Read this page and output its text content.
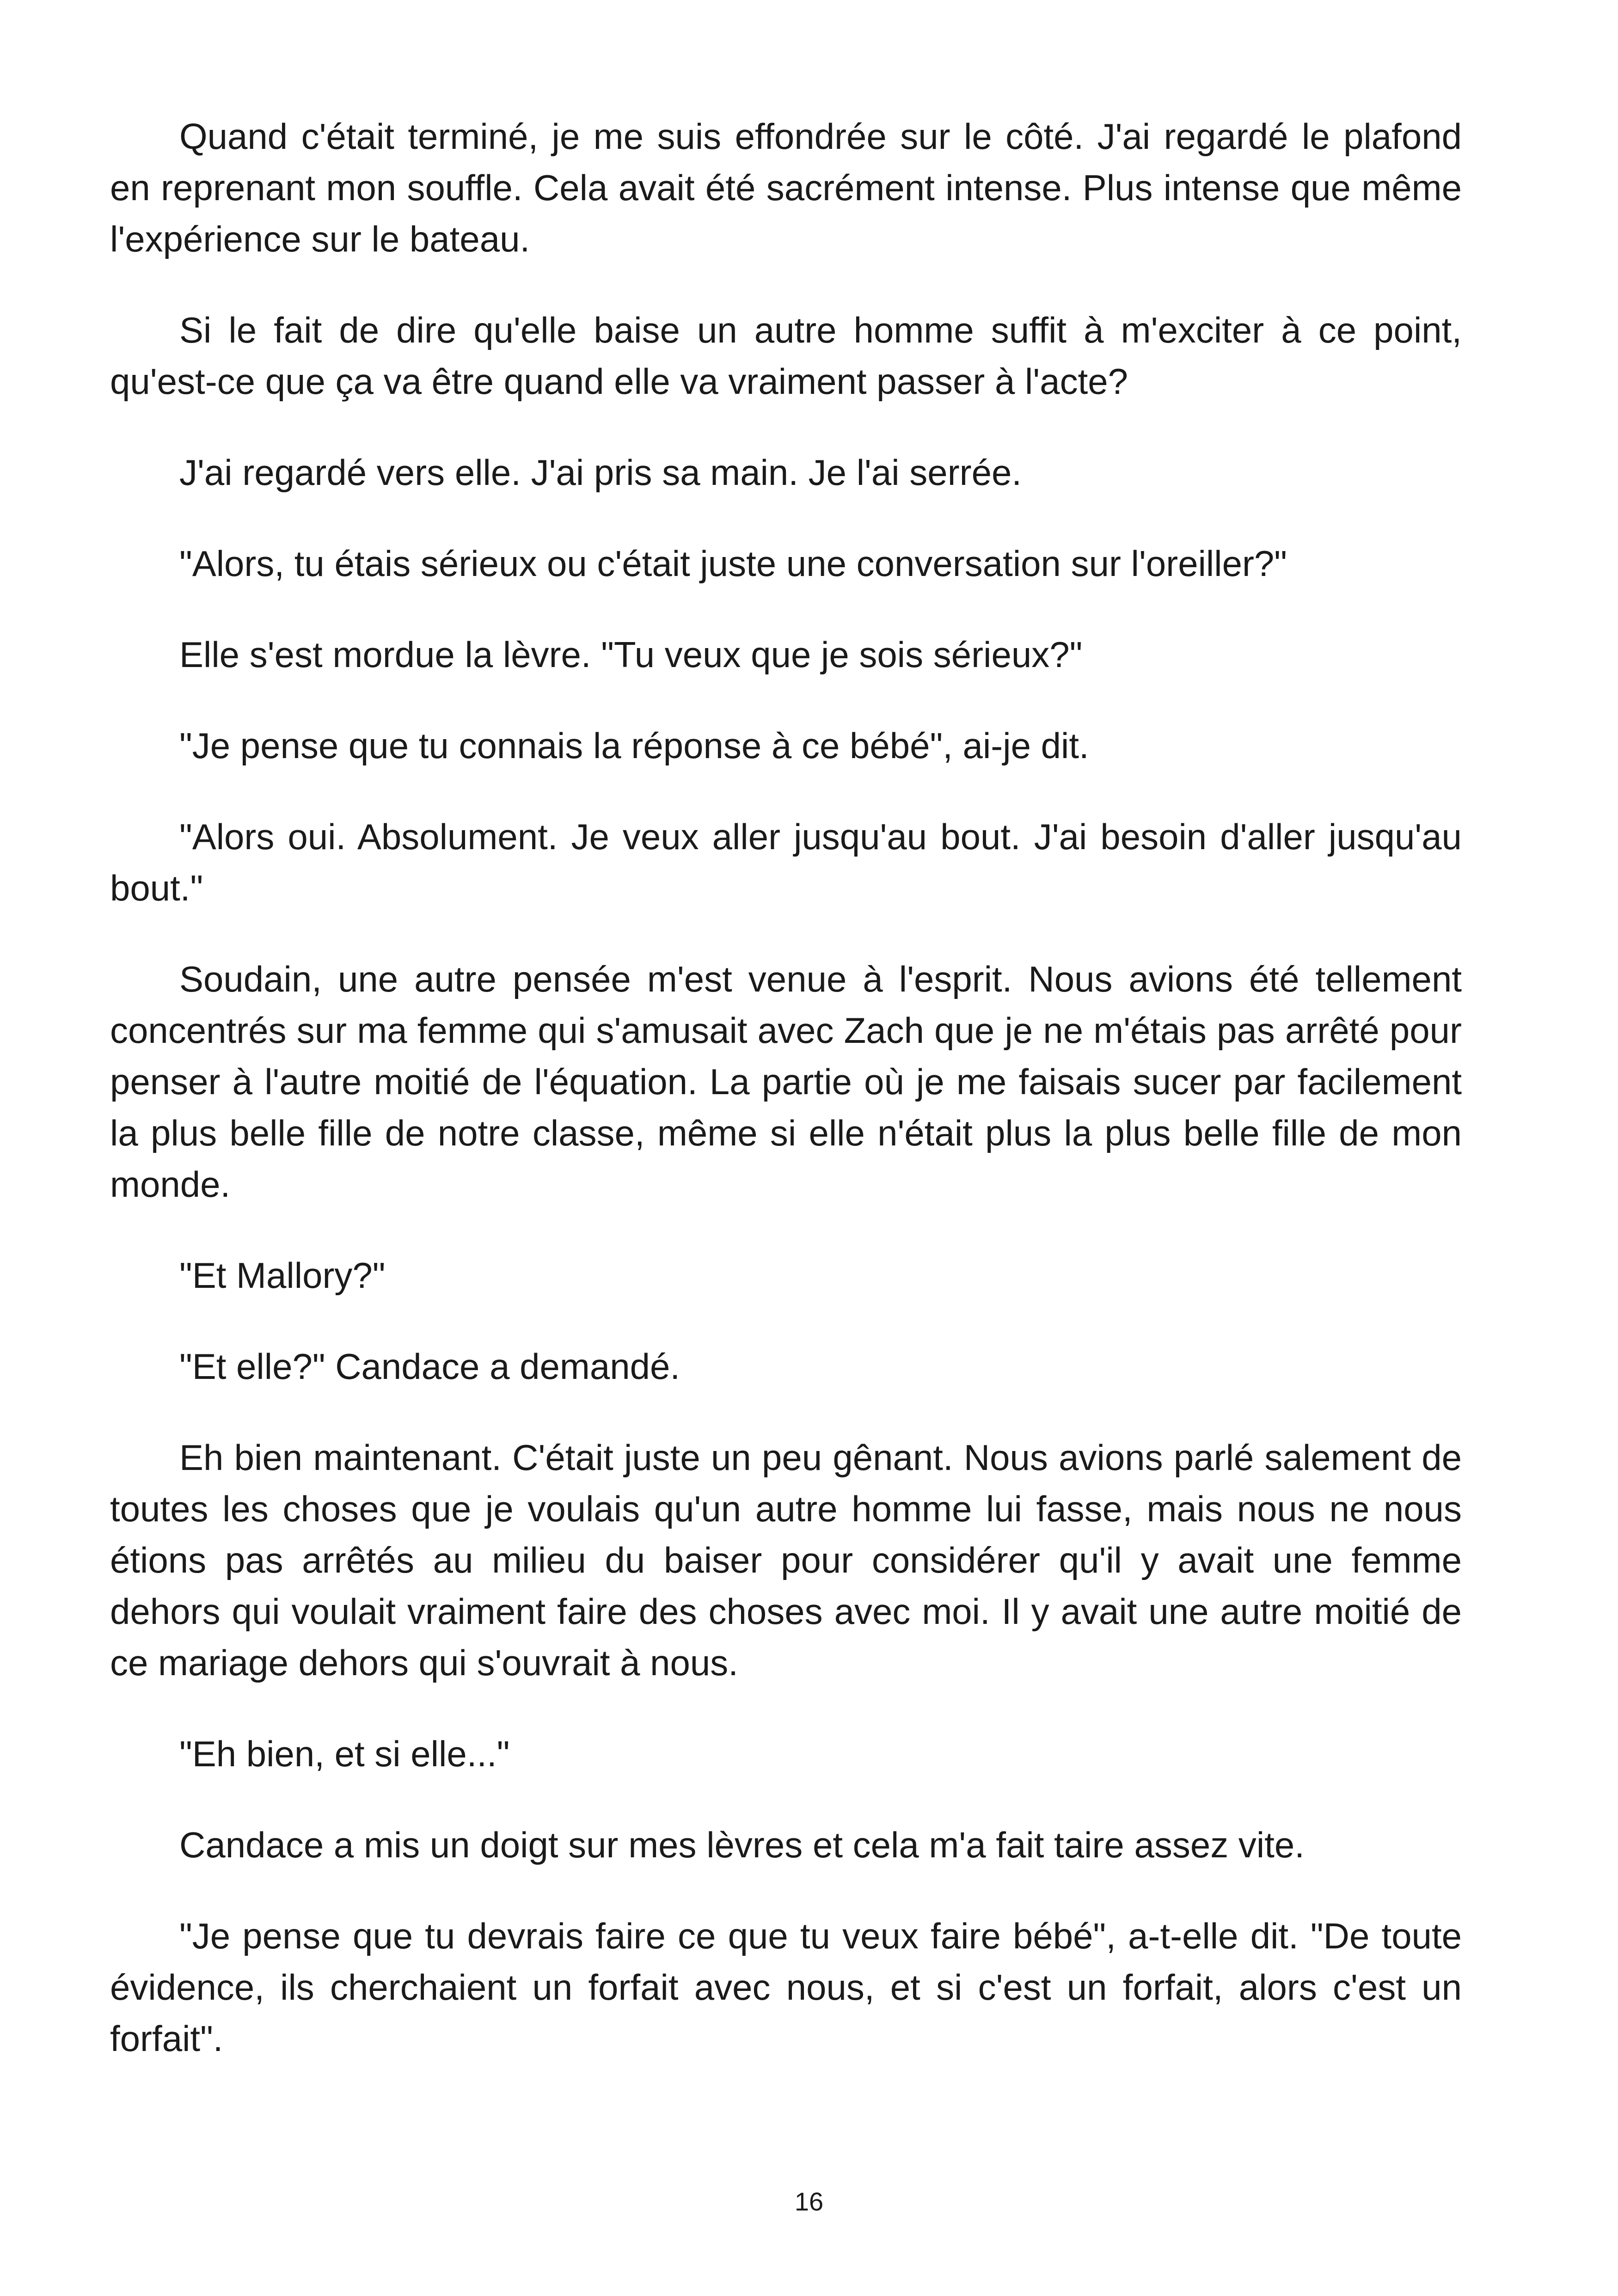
Quand c'était terminé, je me suis effondrée sur le côté. J'ai regardé le plafond en reprenant mon souffle. Cela avait été sacrément intense. Plus intense que même l'expérience sur le bateau.

Si le fait de dire qu'elle baise un autre homme suffit à m'exciter à ce point, qu'est-ce que ça va être quand elle va vraiment passer à l'acte?

J'ai regardé vers elle. J'ai pris sa main. Je l'ai serrée.

"Alors, tu étais sérieux ou c'était juste une conversation sur l'oreiller?"

Elle s'est mordue la lèvre. "Tu veux que je sois sérieux?"

"Je pense que tu connais la réponse à ce bébé", ai-je dit.

"Alors oui. Absolument. Je veux aller jusqu'au bout. J'ai besoin d'aller jusqu'au bout."

Soudain, une autre pensée m'est venue à l'esprit. Nous avions été tellement concentrés sur ma femme qui s'amusait avec Zach que je ne m'étais pas arrêté pour penser à l'autre moitié de l'équation. La partie où je me faisais sucer par facilement la plus belle fille de notre classe, même si elle n'était plus la plus belle fille de mon monde.

"Et Mallory?"

"Et elle?" Candace a demandé.

Eh bien maintenant. C'était juste un peu gênant. Nous avions parlé salement de toutes les choses que je voulais qu'un autre homme lui fasse, mais nous ne nous étions pas arrêtés au milieu du baiser pour considérer qu'il y avait une femme dehors qui voulait vraiment faire des choses avec moi. Il y avait une autre moitié de ce mariage dehors qui s'ouvrait à nous.

"Eh bien, et si elle..."

Candace a mis un doigt sur mes lèvres et cela m'a fait taire assez vite.

"Je pense que tu devrais faire ce que tu veux faire bébé", a-t-elle dit. "De toute évidence, ils cherchaient un forfait avec nous, et si c'est un forfait, alors c'est un forfait".

16
